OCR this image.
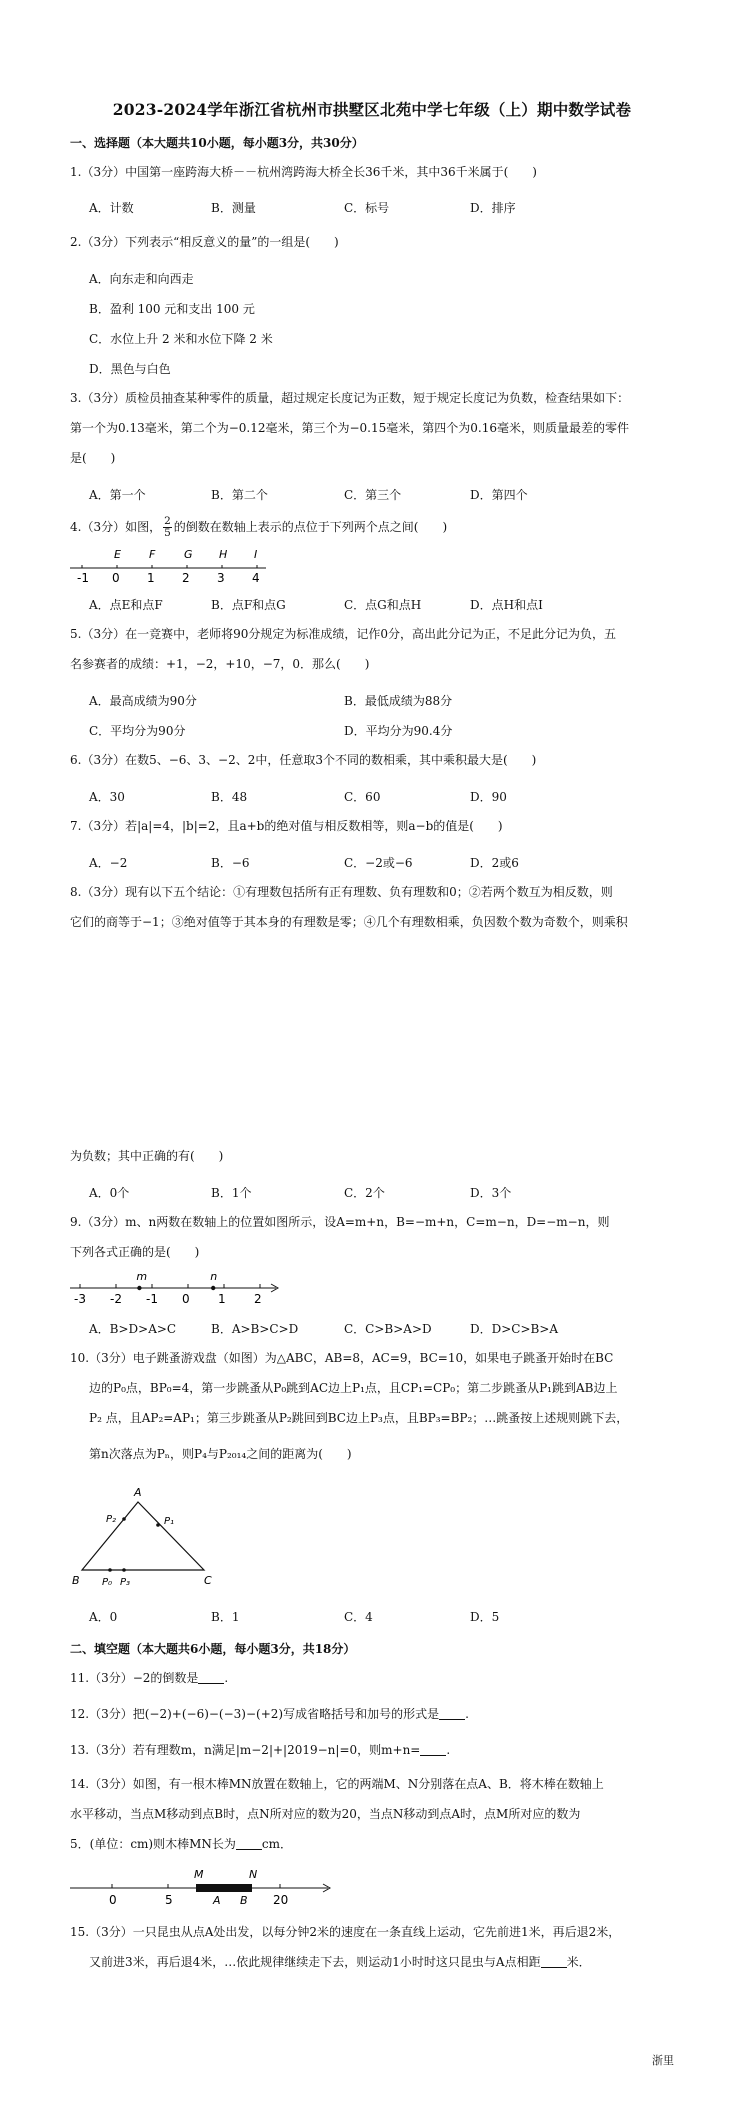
2023-2024学年浙江省杭州市拱墅区北苑中学七年级（上）期中数学试卷
一、选择题（本大题共10小题，每小题3分，共30分）
1.（3分）中国第一座跨海大桥－－杭州湾跨海大桥全长36千米，其中36千米属于(　　)
A．计数	B．测量	C．标号	D．排序
2.（3分）下列表示“相反意义的量”的一组是(　　)
A．向东走和向西走
B．盈利 100 元和支出 100 元
C．水位上升 2 米和水位下降 2 米
D．黑色与白色
3.（3分）质检员抽查某种零件的质量，超过规定长度记为正数，短于规定长度记为负数，检查结果如下：
第一个为0.13毫米，第二个为−0.12毫米，第三个为−0.15毫米，第四个为0.16毫米，则质量最差的零件
是(　　)
A．第一个	B．第二个	C．第三个	D．第四个
4.（3分）如图， $\frac{2}{5}$ 的倒数在数轴上表示的点位于下列两个点之间(　　)
-1 0 1 2 3 4
E	F	G H I
A．点E和点F	B．点F和点G	C．点G和点H	D．点H和点I
5.（3分）在一竞赛中，老师将90分规定为标准成绩，记作0分，高出此分记为正，不足此分记为负，五
名参赛者的成绩：+1，−2，+10，−7，0．那么(　　)
A．最高成绩为90分	B．最低成绩为88分
C．平均分为90分	D．平均分为90.4分
6.（3分）在数5、−6、3、−2、2中，任意取3个不同的数相乘，其中乘积最大是(　　)
A．30	B．48	C．60	D．90
7.（3分）若|a|=4，|b|=2，且a+b的绝对值与相反数相等，则a−b的值是(　　)
A．−2	B．−6	C．−2或−6	D．2或6
8.（3分）现有以下五个结论：①有理数包括所有正有理数、负有理数和0；②若两个数互为相反数，则
它们的商等于−1；③绝对值等于其本身的有理数是零；④几个有理数相乘，负因数个数为奇数个，则乘积
为负数；其中正确的有(　　)
A．0个	B．1个	C．2个	D．3个
9.（3分）m、n两数在数轴上的位置如图所示，设A=m+n，B=−m+n，C=m−n，D=−m−n，则
下列各式正确的是(　　)
-3 -2 -1 0 1 2
m	n
A．B>D>A>C	B．A>B>C>D	C．C>B>A>D	D．D>C>B>A
10.（3分）电子跳蚤游戏盘（如图）为△ABC，AB=8，AC=9，BC=10，如果电子跳蚤开始时在BC
边的P₀点，BP₀=4，第一步跳蚤从P₀跳到AC边上P₁点，且CP₁=CP₀；第二步跳蚤从P₁跳到AB边上
P₂ 点，且AP₂=AP₁；第三步跳蚤从P₂跳回到BC边上P₃点，且BP₃=BP₂；…跳蚤按上述规则跳下去，
第n次落点为Pₙ，则P₄与P₂₀₁₄之间的距离为(　　)
A
B	C
P₀ P₃
P₁
P₂
A．0	B．1	C．4	D．5
二、填空题（本大题共6小题，每小题3分，共18分）
11.（3分）−2的倒数是 .
12.（3分）把(−2)+(−6)−(−3)−(+2)写成省略括号和加号的形式是 .
13.（3分）若有理数m，n满足|m−2|+|2019−n|=0，则m+n= .
14.（3分）如图，有一根木棒MN放置在数轴上，它的两端M、N分别落在点A、B．将木棒在数轴上
水平移动，当点M移动到点B时，点N所对应的数为20，当点N移动到点A时，点M所对应的数为
5．(单位：cm)则木棒MN长为 cm．
0	5	20
M	N
A B
15.（3分）一只昆虫从点A处出发，以每分钟2米的速度在一条直线上运动，它先前进1米，再后退2米，
又前进3米，再后退4米，…依此规律继续走下去，则运动1小时时这只昆虫与A点相距 米．
浙里
